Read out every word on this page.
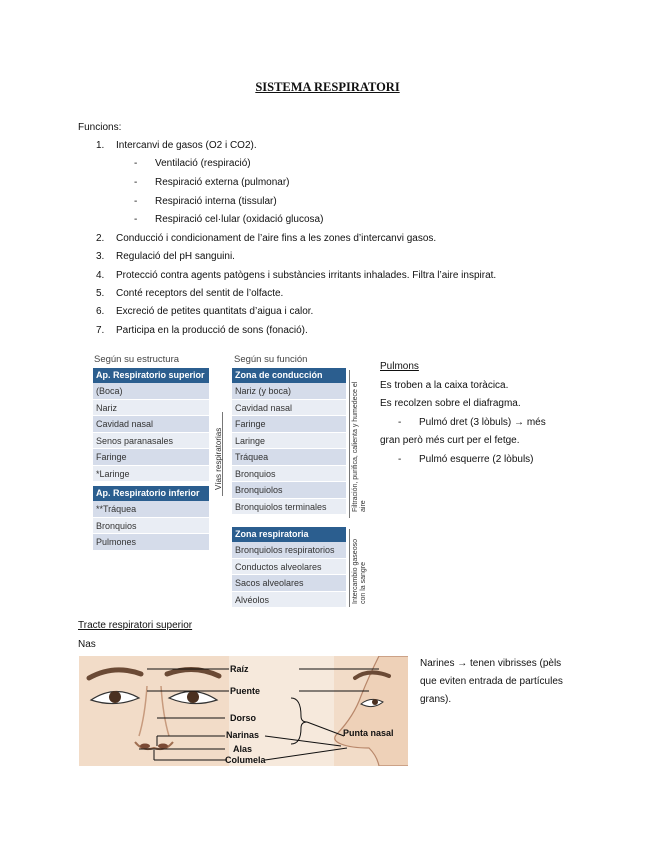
SISTEMA RESPIRATORI
Funcions:
1.	Intercanvi de gasos (O2 i CO2).
-	Ventilació (respiració)
-	Respiració externa (pulmonar)
-	Respiració interna (tissular)
-	Respiració cel·lular (oxidació glucosa)
2.	Conducció i condicionament de l’aire fins a les zones d’intercanvi gasos.
3.	Regulació del pH sanguini.
4.	Protecció contra agents patògens i substàncies irritants inhalades. Filtra l’aire inspirat.
5.	Conté receptors del sentit de l’olfacte.
6.	Excreció de petites quantitats d’aigua i calor.
7.	Participa en la producció de sons (fonació).
Según su estructura	Según su función
Ap. Respiratorio superior
(Boca)
Nariz
Cavidad nasal
Senos paranasales
Faringe
*Laringe
Ap. Respiratorio inferior
**Tráquea
Bronquios
Pulmones
Vías respiratorias
Zona de conducción
Nariz (y boca)
Cavidad nasal
Faringe
Laringe
Tráquea
Bronquios
Bronquiolos
Bronquiolos terminales
Zona respiratoria
Bronquiolos respiratorios
Conductos alveolares
Sacos alveolares
Alvéolos
Filtración, purifica, calienta y humedece el aire
Intercambio gaseoso con la sangre
Pulmons
Es troben a la caixa toràcica.
Es recolzen sobre el diafragma.
-	Pulmó dret (3 lòbuls) → més
gran però més curt per el fetge.
-	Pulmó esquerre (2 lòbuls)
Tracte respiratori superior
Nas
Raíz
Puente
Dorso
Narinas
Alas
Columela
Punta nasal
Narines → tenen vibrisses (pèls
que eviten entrada de partícules
grans).
